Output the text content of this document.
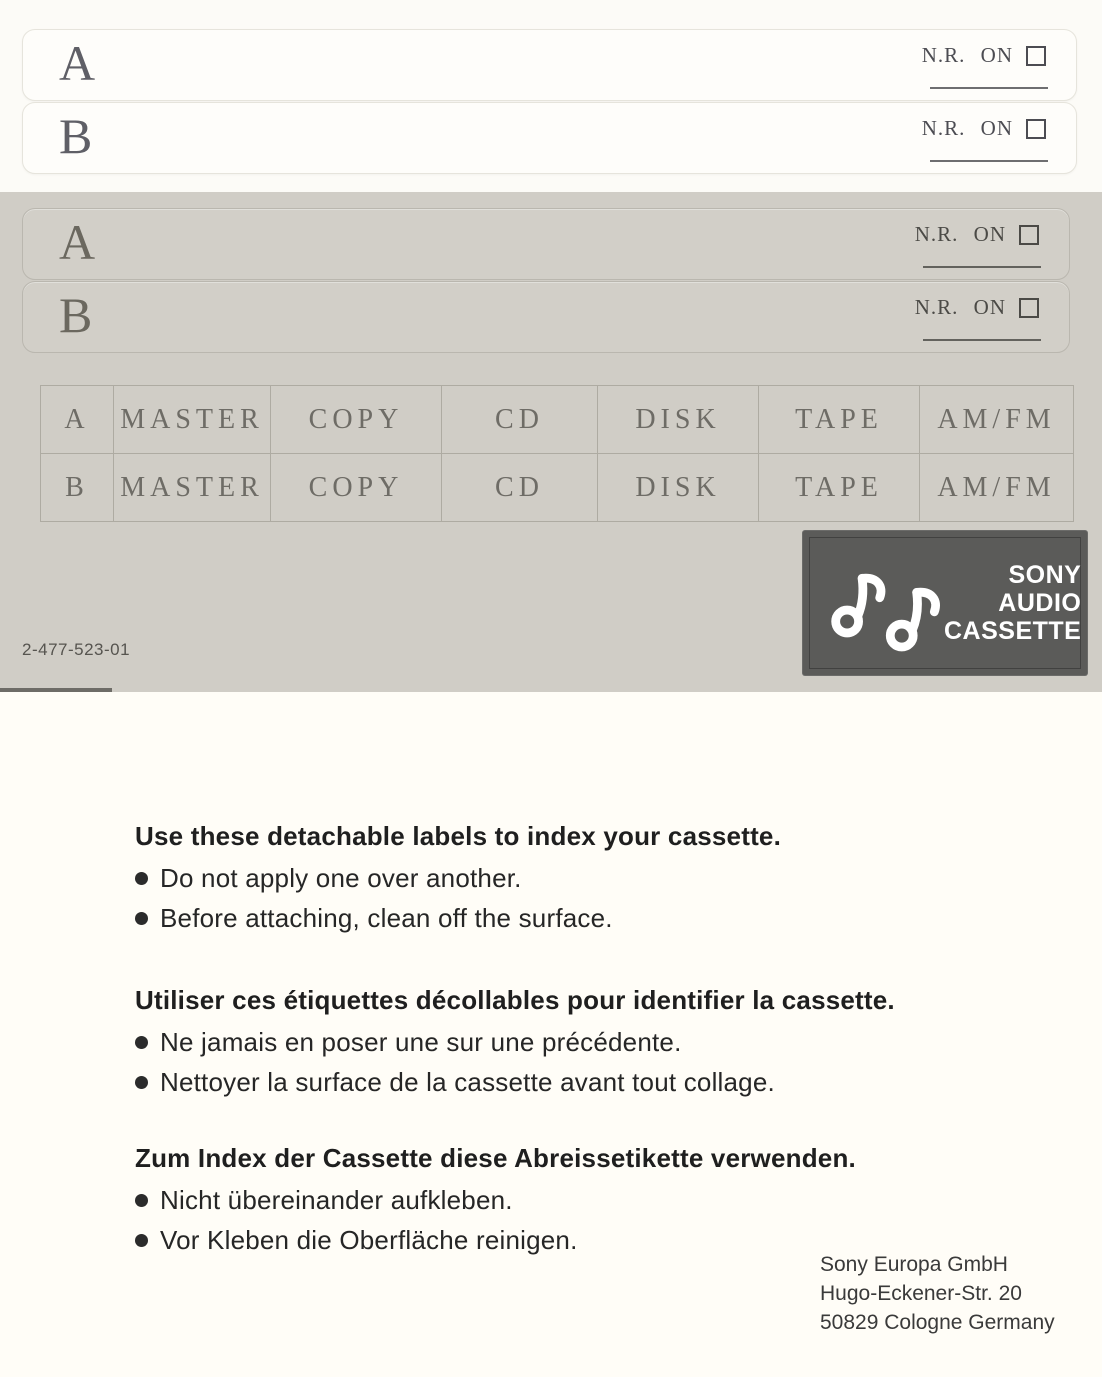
A	N.R. ON
B	N.R. ON
A	N.R. ON
B	N.R. ON
A	MASTER	COPY	CD	DISK	TAPE	AM/FM
B	MASTER	COPY	CD	DISK	TAPE	AM/FM
2-477-523-01
SONY
AUDIO
CASSETTE

Use these detachable labels to index your cassette.

Do not apply one over another.
Before attaching, clean off the surface.

Utiliser ces étiquettes décollables pour identifier la cassette.

Ne jamais en poser une sur une précédente.
Nettoyer la surface de la cassette avant tout collage.

Zum Index der Cassette diese Abreissetikette verwenden.

Nicht übereinander aufkleben.
Vor Kleben die Oberfläche reinigen.
Sony Europa GmbH
Hugo-Eckener-Str. 20
50829 Cologne Germany
